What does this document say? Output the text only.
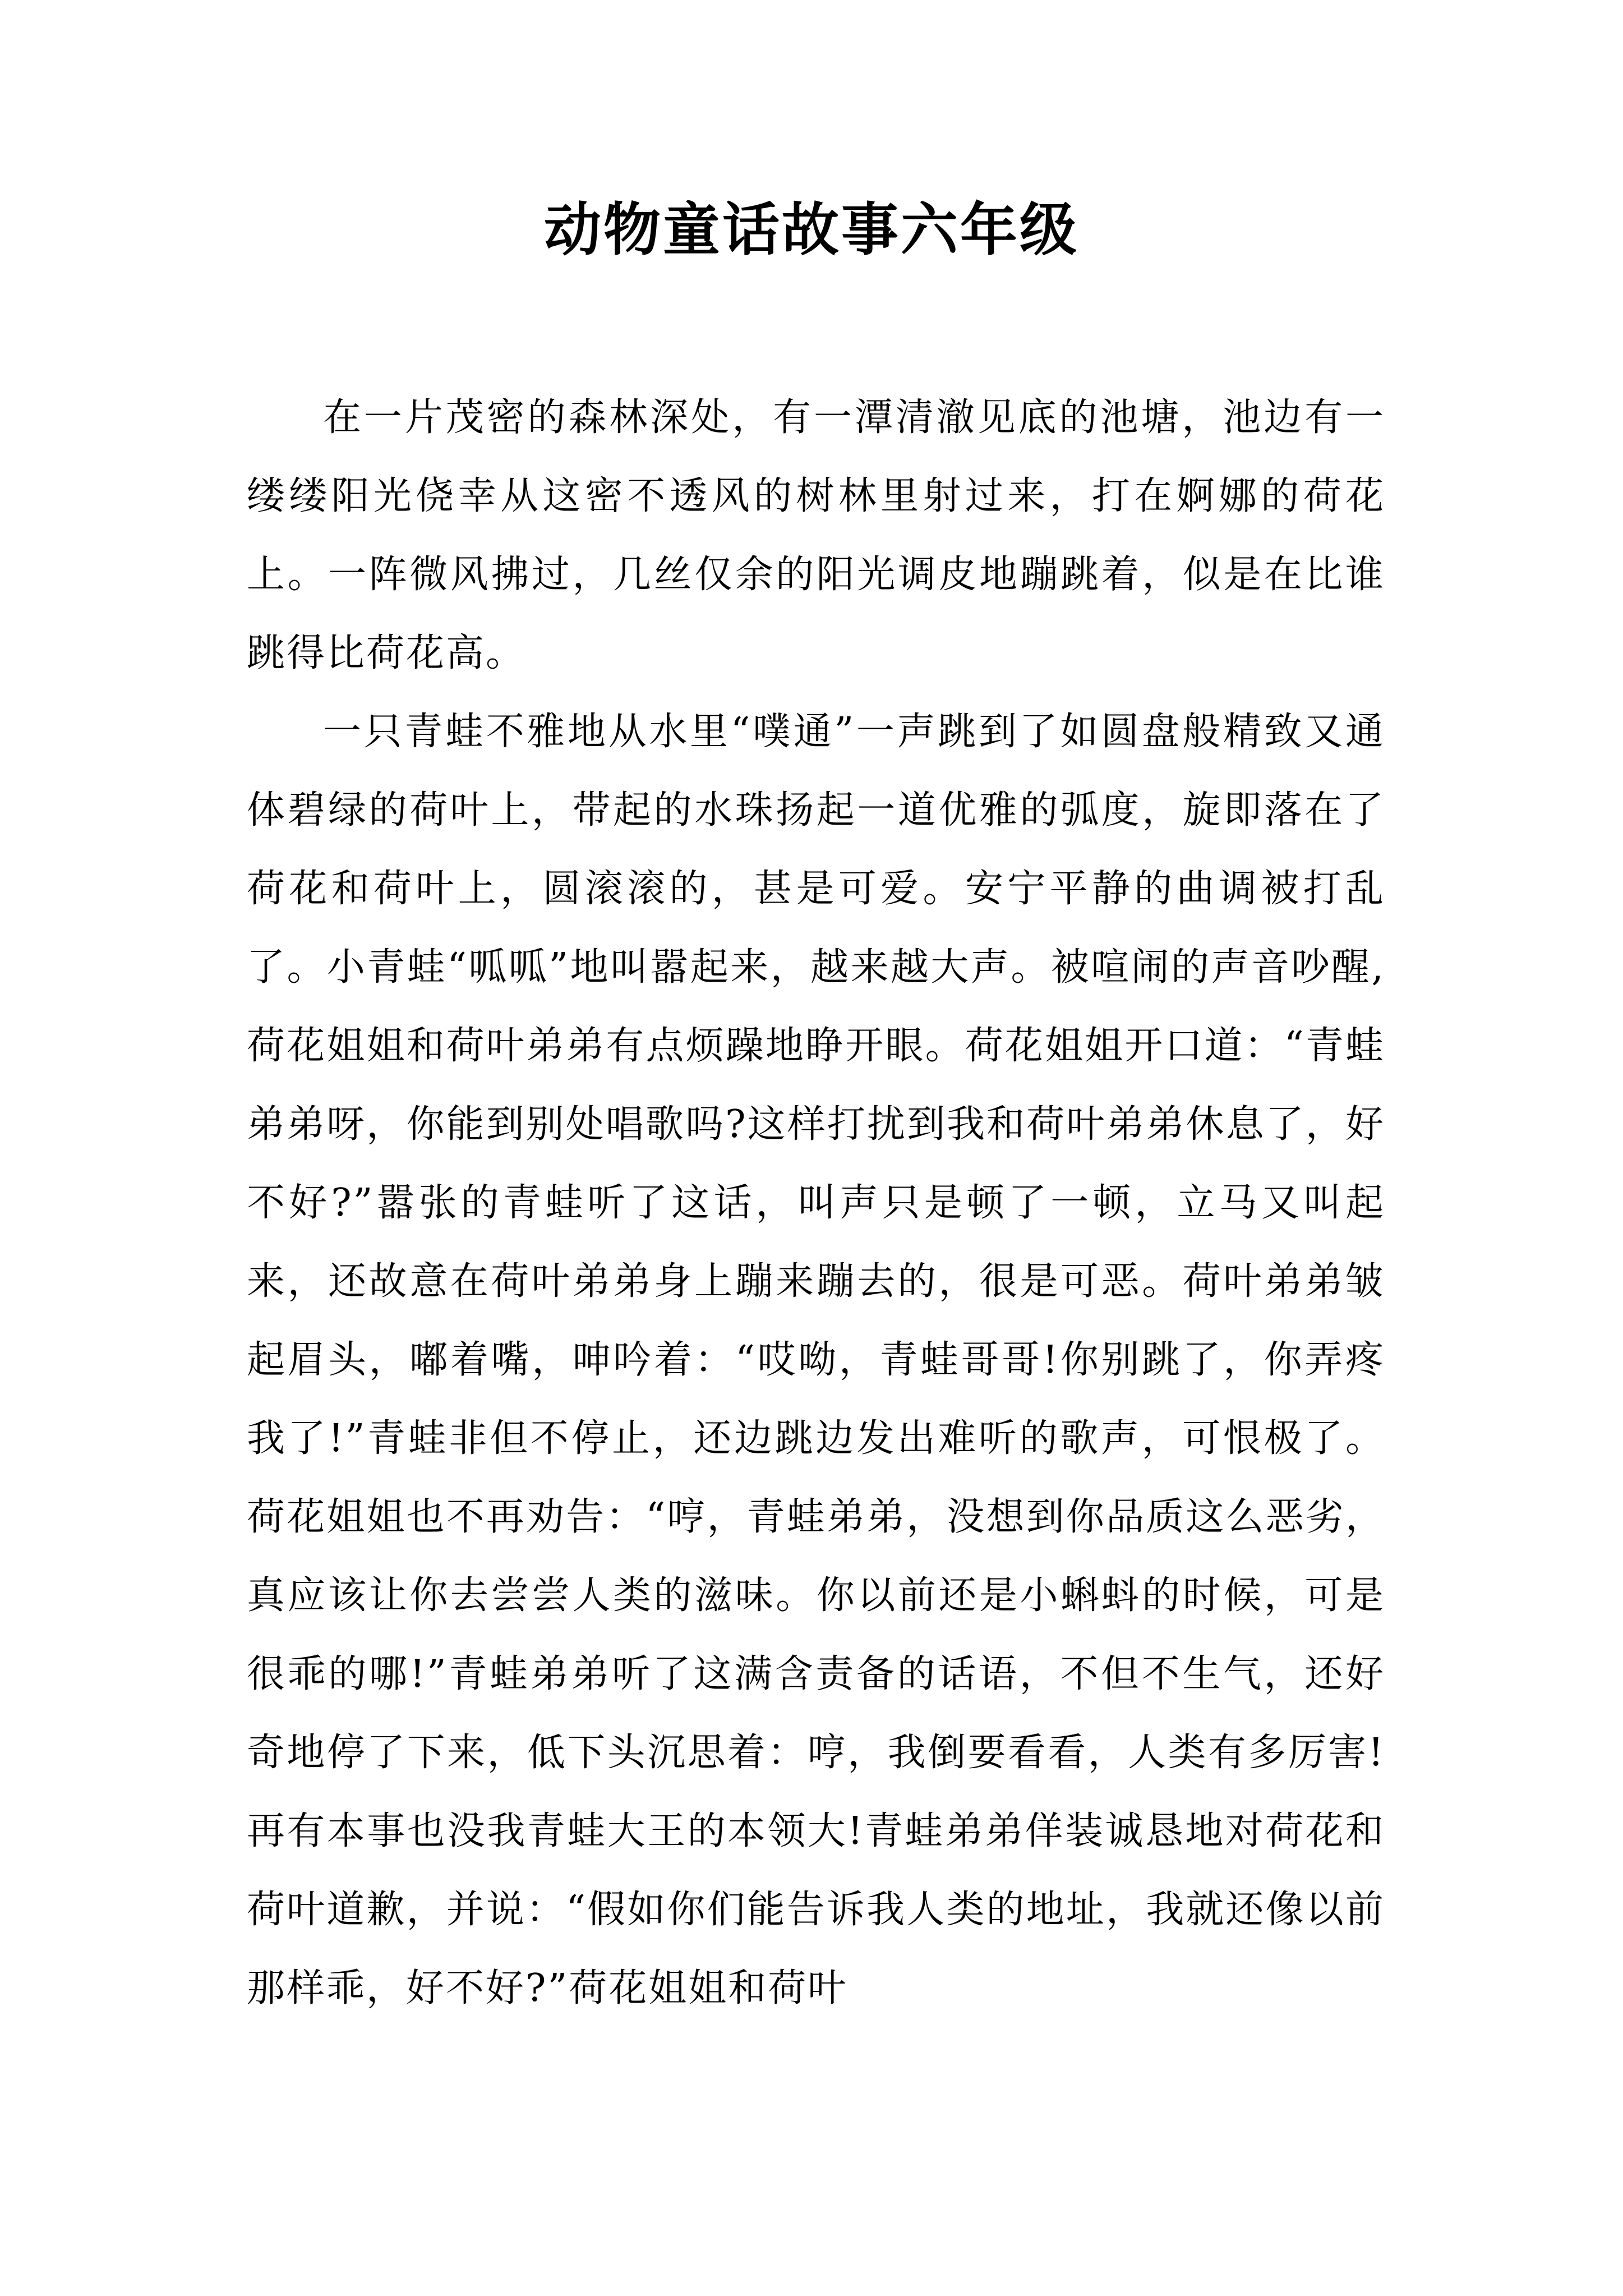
动物童话故事六年级

在一片茂密的森林深处，有一潭清澈见底的池塘，池边有一缕缕阳光侥幸从这密不透风的树林里射过来，打在婀娜的荷花上。一阵微风拂过，几丝仅余的阳光调皮地蹦跳着，似是在比谁跳得比荷花高。

一只青蛙不雅地从水里“噗通”一声跳到了如圆盘般精致又通体碧绿的荷叶上，带起的水珠扬起一道优雅的弧度，旋即落在了荷花和荷叶上，圆滚滚的，甚是可爱。安宁平静的曲调被打乱了。小青蛙“呱呱”地叫嚣起来，越来越大声。被喧闹的声音吵醒,荷花姐姐和荷叶弟弟有点烦躁地睁开眼。荷花姐姐开口道：“青蛙弟弟呀，你能到别处唱歌吗?这样打扰到我和荷叶弟弟休息了，好不好?”嚣张的青蛙听了这话，叫声只是顿了一顿，立马又叫起来，还故意在荷叶弟弟身上蹦来蹦去的，很是可恶。荷叶弟弟皱起眉头，嘟着嘴，呻吟着：“哎呦，青蛙哥哥!你别跳了，你弄疼我了!”青蛙非但不停止，还边跳边发出难听的歌声，可恨极了。荷花姐姐也不再劝告：“哼，青蛙弟弟，没想到你品质这么恶劣，真应该让你去尝尝人类的滋味。你以前还是小蝌蚪的时候，可是很乖的哪!”青蛙弟弟听了这满含责备的话语，不但不生气，还好奇地停了下来，低下头沉思着：哼，我倒要看看，人类有多厉害!再有本事也没我青蛙大王的本领大!青蛙弟弟佯装诚恳地对荷花和荷叶道歉，并说：“假如你们能告诉我人类的地址，我就还像以前那样乖，好不好?”荷花姐姐和荷叶
